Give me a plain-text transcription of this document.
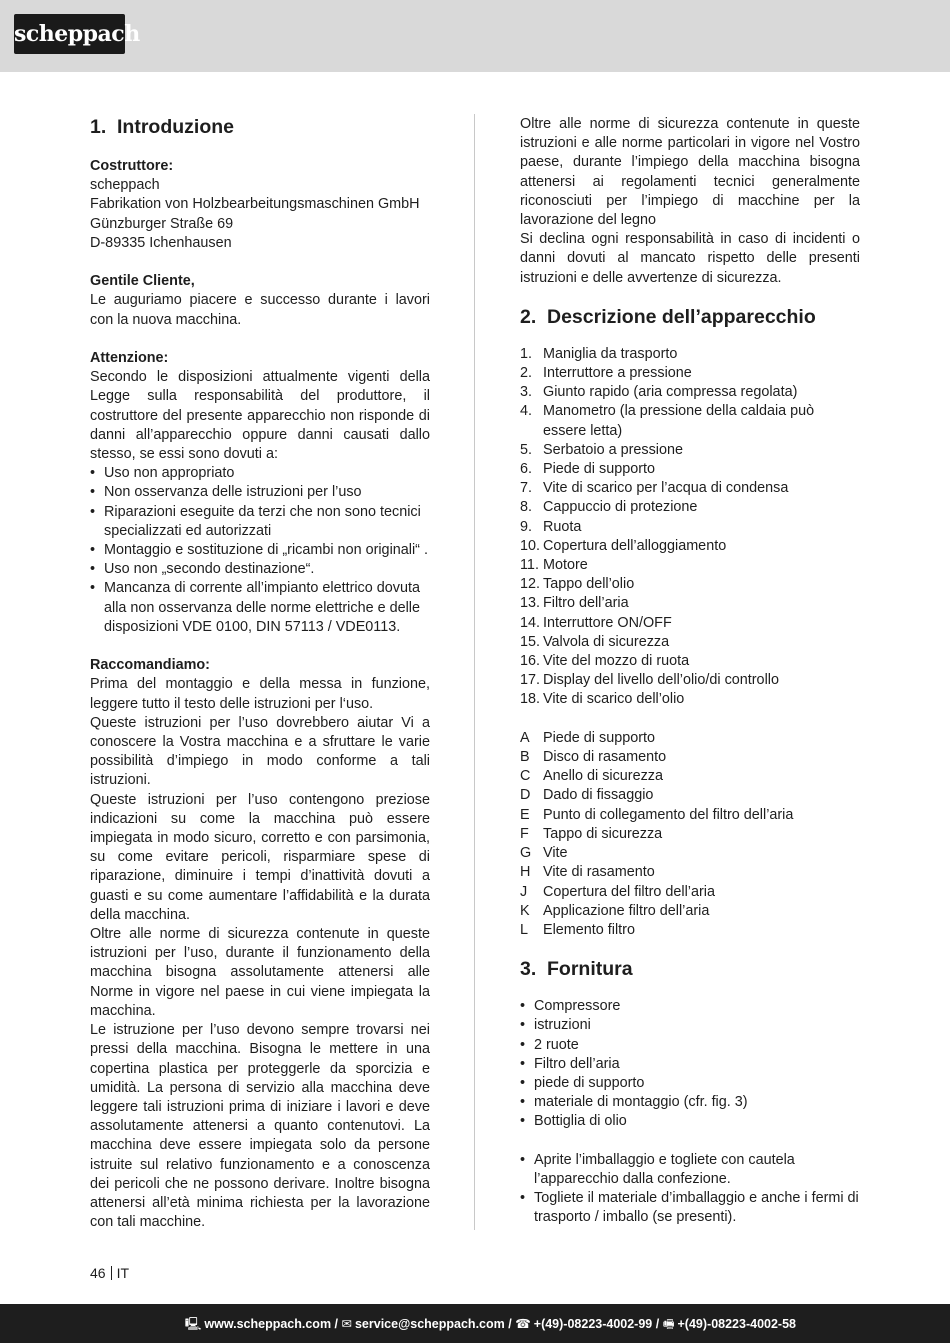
scheppach
1. Introduzione

Costruttore:

scheppach

Fabrikation von Holzbearbeitungsmaschinen GmbH

Günzburger Straße 69

D-89335 Ichenhausen

Gentile Cliente,

Le auguriamo piacere e successo durante i lavori con la nuova macchina.

Attenzione:

Secondo le disposizioni attualmente vigenti della Legge sulla responsabilità del produttore, il costruttore del presente apparecchio non risponde di danni all’apparecchio oppure danni causati dallo stesso, se essi sono dovuti a:

• Uso non appropriato
• Non osservanza delle istruzioni per l’uso
• Riparazioni eseguite da terzi che non sono tecnici specializzati ed autorizzati
• Montaggio e sostituzione di „ricambi non originali“ .
• Uso non „secondo destinazione“.
• Mancanza di corrente all’impianto elettrico dovuta alla non osservanza delle norme elettriche e delle disposizioni VDE 0100, DIN 57113 / VDE0113.

Raccomandiamo:

Prima del montaggio e della messa in funzione, leggere tutto il testo delle istruzioni per l‘uso.

Queste istruzioni per l’uso dovrebbero aiutar Vi a conoscere la Vostra macchina e a sfruttare le varie possibilità d’impiego in modo conforme a tali istruzioni.

Queste istruzioni per l’uso contengono preziose indicazioni su come la macchina può essere impiegata in modo sicuro, corretto e con parsimonia, su come evitare pericoli, risparmiare spese di riparazione, diminuire i tempi d’inattività dovuti a guasti e su come aumentare l’affidabilità e la durata della macchina.

Oltre alle norme di sicurezza contenute in queste istruzioni per l’uso, durante il funzionamento della macchina bisogna assolutamente attenersi alle Norme in vigore nel paese in cui viene impiegata la macchina.

Le istruzione per l’uso devono sempre trovarsi nei pressi della macchina. Bisogna le mettere in una copertina plastica per proteggerle da sporcizia e umidità. La persona di servizio alla macchina deve leggere tali istruzioni prima di iniziare i lavori e deve assolutamente attenersi a quanto contenutovi. La macchina deve essere impiegata solo da persone istruite sul relativo funzionamento e a conoscenza dei pericoli che ne possono derivare. Inoltre bisogna attenersi all’età minima richiesta per la lavorazione con tali macchine.

Oltre alle norme di sicurezza contenute in queste istruzioni e alle norme particolari in vigore nel Vostro paese, durante l’impiego della macchina bisogna attenersi ai regolamenti tecnici generalmente riconosciuti per l’impiego di macchine per la lavorazione del legno

Si declina ogni responsabilità in caso di incidenti o danni dovuti al mancato rispetto delle presenti istruzioni e delle avvertenze di sicurezza.

2. Descrizione dell’apparecchio
1. Maniglia da trasporto
2. Interruttore a pressione
3. Giunto rapido (aria compressa regolata)
4. Manometro (la pressione della caldaia può essere letta)
5. Serbatoio a pressione
6. Piede di supporto
7. Vite di scarico per l’acqua di condensa
8. Cappuccio di protezione
9. Ruota
10. Copertura dell’alloggiamento
11. Motore
12. Tappo dell’olio
13. Filtro dell’aria
14. Interruttore ON/OFF
15. Valvola di sicurezza
16. Vite del mozzo di ruota
17. Display del livello dell’olio/di controllo
18. Vite di scarico dell’olio
A Piede di supporto
B Disco di rasamento
C Anello di sicurezza
D Dado di fissaggio
E Punto di collegamento del filtro dell’aria
F Tappo di sicurezza
G Vite
H Vite di rasamento
J Copertura del filtro dell’aria
K Applicazione filtro dell’aria
L Elemento filtro
3. Fornitura
• Compressore
• istruzioni
• 2 ruote
• Filtro dell’aria
• piede di supporto
• materiale di montaggio (cfr. fig. 3)
• Bottiglia di olio
• Aprite l’imballaggio e togliete con cautela l’apparecchio dalla confezione.
• Togliete il materiale d’imballaggio e anche i fermi di trasporto / imballo (se presenti).
46 IT
🖳 www.scheppach.com / ✉ service@scheppach.com / ☎ +(49)-08223-4002-99 / 🖷 +(49)-08223-4002-58
